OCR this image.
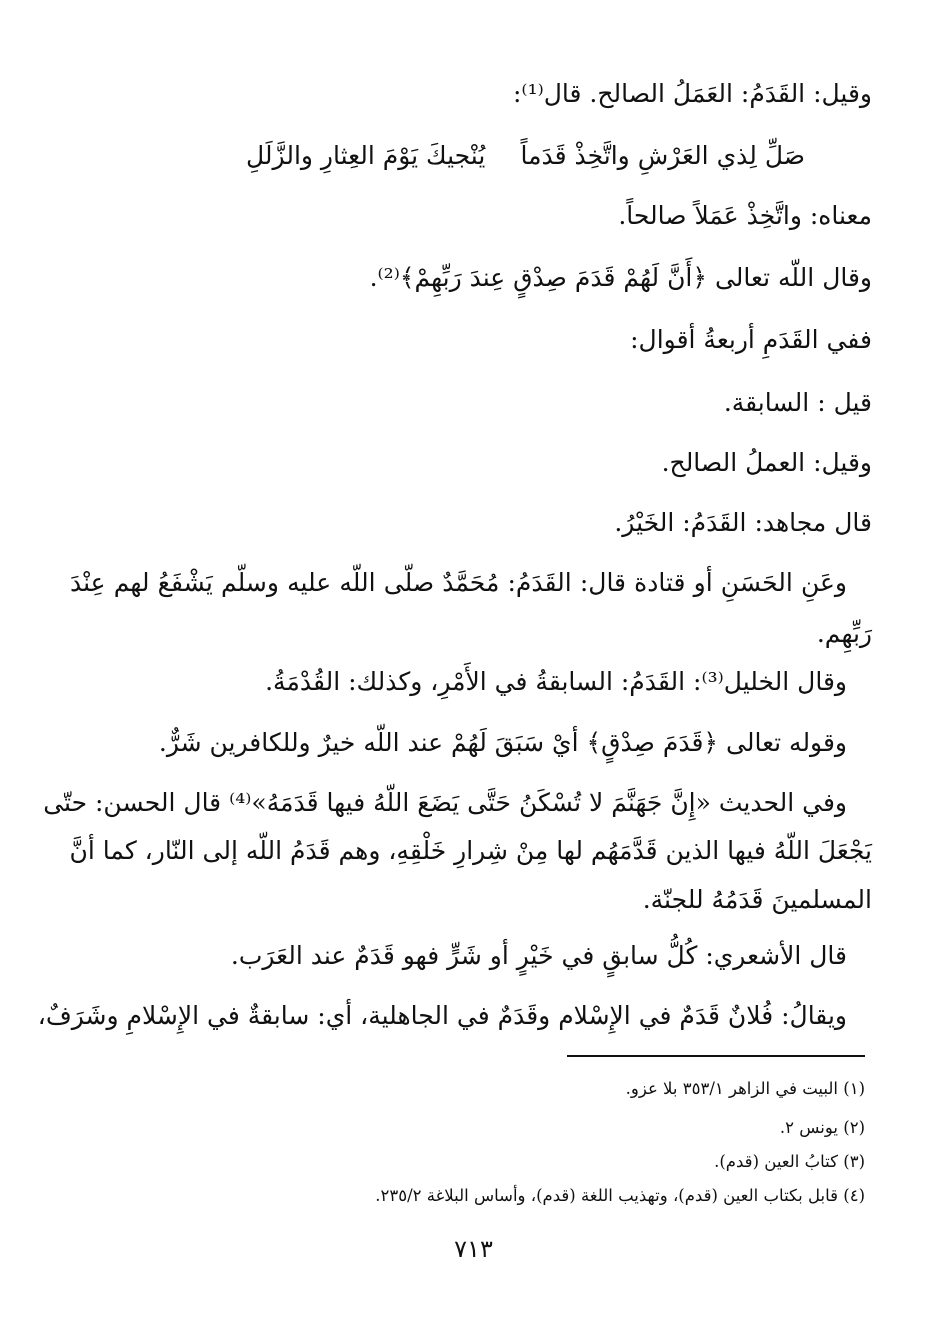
وقيل: القَدَمُ: العَمَلُ الصالح. قال⁽¹⁾:
صَلِّ لِذي العَرْشِ واتَّخِذْ قَدَماً
يُنْجيكَ يَوْمَ العِثارِ والزَّلَلِ
معناه: واتَّخِذْ عَمَلاً صالحاً.
وقال اللّه تعالى ﴿أَنَّ لَهُمْ قَدَمَ صِدْقٍ عِندَ رَبِّهِمْ﴾⁽²⁾.
ففي القَدَمِ أربعةُ أقوال:
قيل : السابقة.
وقيل: العملُ الصالح.
قال مجاهد: القَدَمُ: الخَيْرُ.
وعَنِ الحَسَنِ أو قتادة قال: القَدَمُ: مُحَمَّدٌ صلّى اللّه عليه وسلّم يَشْفَعُ لهم عِنْدَ
رَبِّهِم.
وقال الخليل⁽³⁾: القَدَمُ: السابقةُ في الأَمْرِ، وكذلك: القُدْمَةُ.
وقوله تعالى ﴿قَدَمَ صِدْقٍ﴾ أيْ سَبَقَ لَهُمْ عند اللّه خيرٌ وللكافرين شَرٌّ.
وفي الحديث «إِنَّ جَهَنَّمَ لا تُسْكَنُ حَتَّى يَضَعَ اللّهُ فيها قَدَمَهُ»⁽⁴⁾ قال الحسن: حتّى
يَجْعَلَ اللّهُ فيها الذين قَدَّمَهُم لها مِنْ شِرارِ خَلْقِهِ، وهم قَدَمُ اللّه إلى النّار، كما أنَّ
المسلمينَ قَدَمُهُ للجنّة.
قال الأشعري: كُلُّ سابقٍ في خَيْرٍ أو شَرٍّ فهو قَدَمٌ عند العَرَب.
ويقالُ: فُلانٌ قَدَمٌ في الإِسْلام وقَدَمٌ في الجاهلية، أي: سابقةٌ في الإِسْلامِ وشَرَفٌ،
(١) البيت في الزاهر ٣٥٣/١ بلا عزو.
(٢) يونس ٢.
(٣) كتابُ العين (قدم).
(٤) قابل بكتاب العين (قدم)، وتهذيب اللغة (قدم)، وأساس البلاغة ٢٣٥/٢.
٧١٣
